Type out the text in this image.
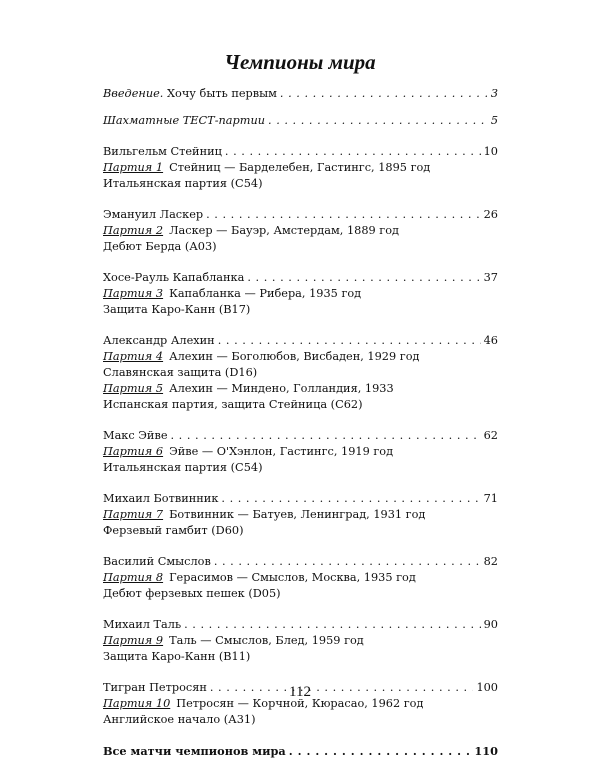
Чемпионы мира
Введение. Хочу быть первым . . .	3
Шахматные ТЕСТ-партии . . .	5
Вильгельм Стейниц . . .	10
Партия 1 Стейниц — Барделебен, Гастингс, 1895 год
Итальянская партия (С54)
Эмануил Ласкер . . .	26
Партия 2 Ласкер — Бауэр, Амстердам, 1889 год
Дебют Берда (А03)
Хосе-Рауль Капабланка . . .	37
Партия 3 Капабланка — Рибера, 1935 год
Защита Каро-Канн (В17)
Александр Алехин . . .	46
Партия 4 Алехин — Боголюбов, Висбаден, 1929 год
Славянская защита (D16)
Партия 5 Алехин — Миндено, Голландия, 1933
Испанская партия, защита Стейница (С62)
Макс Эйве . . .	62
Партия 6 Эйве — О'Хэнлон, Гастингс, 1919 год
Итальянская партия (С54)
Михаил Ботвинник . . .	71
Партия 7 Ботвинник — Батуев, Ленинград, 1931 год
Ферзевый гамбит (D60)
Василий Смыслов . . .	82
Партия 8 Герасимов — Смыслов, Москва, 1935 год
Дебют ферзевых пешек (D05)
Михаил Таль . . .	90
Партия 9 Таль — Смыслов, Блед, 1959 год
Защита Каро-Канн (В11)
Тигран Петросян . . .	100
Партия 10 Петросян — Корчной, Кюрасао, 1962 год
Английское начало (А31)
Все матчи чемпионов мира . . .	110
112
